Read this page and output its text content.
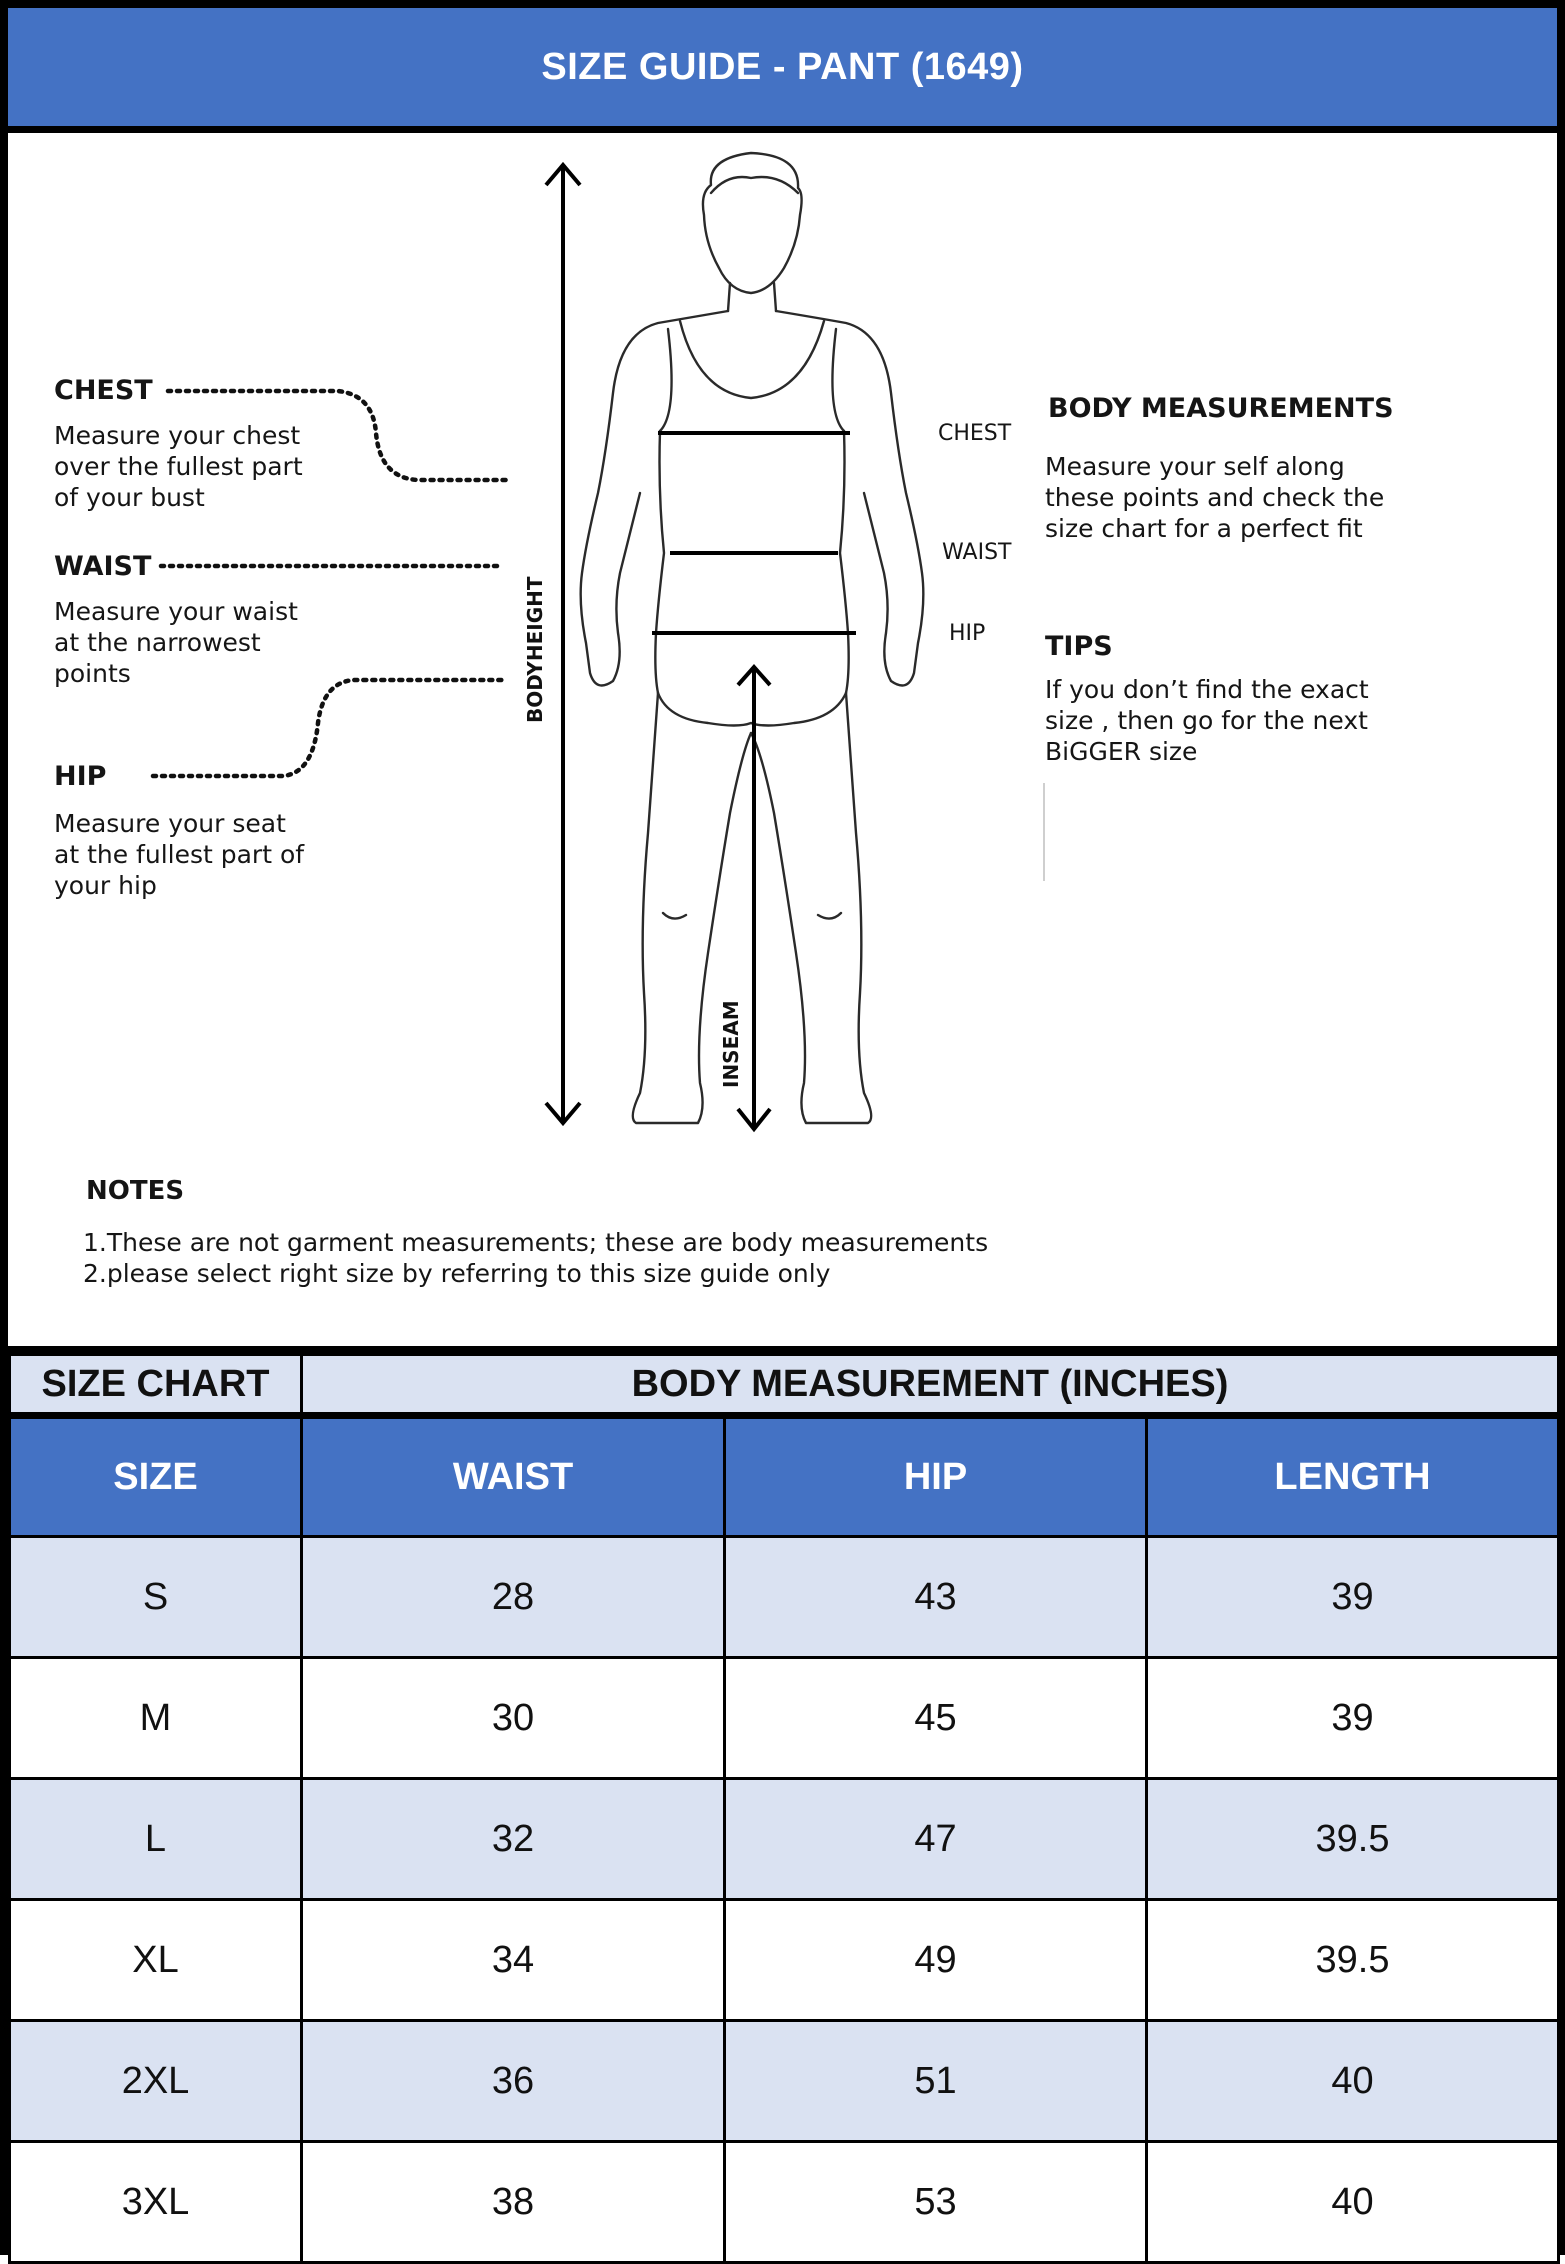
SIZE GUIDE - PANT (1649)
CHEST
Measure your chest
over the fullest part
of your bust
WAIST
Measure your waist
at the narrowest
points
HIP
Measure your seat
at the fullest part of
your hip
BODYHEIGHT
INSEAM
CHEST
WAIST
HIP
BODY MEASUREMENTS
Measure your self along
these points and check the
size chart for a perfect fit
TIPS
If you don’t find the exact
size , then go for the next
BiGGER size
NOTES
1.These are not garment measurements; these are body measurements
2.please select right size by referring to this size guide only
SIZE CHART	BODY MEASUREMENT (INCHES)		
SIZE	WAIST	HIP	LENGTH
S	28	43	39
M	30	45	39
L	32	47	39.5
XL	34	49	39.5
2XL	36	51	40
3XL	38	53	40
